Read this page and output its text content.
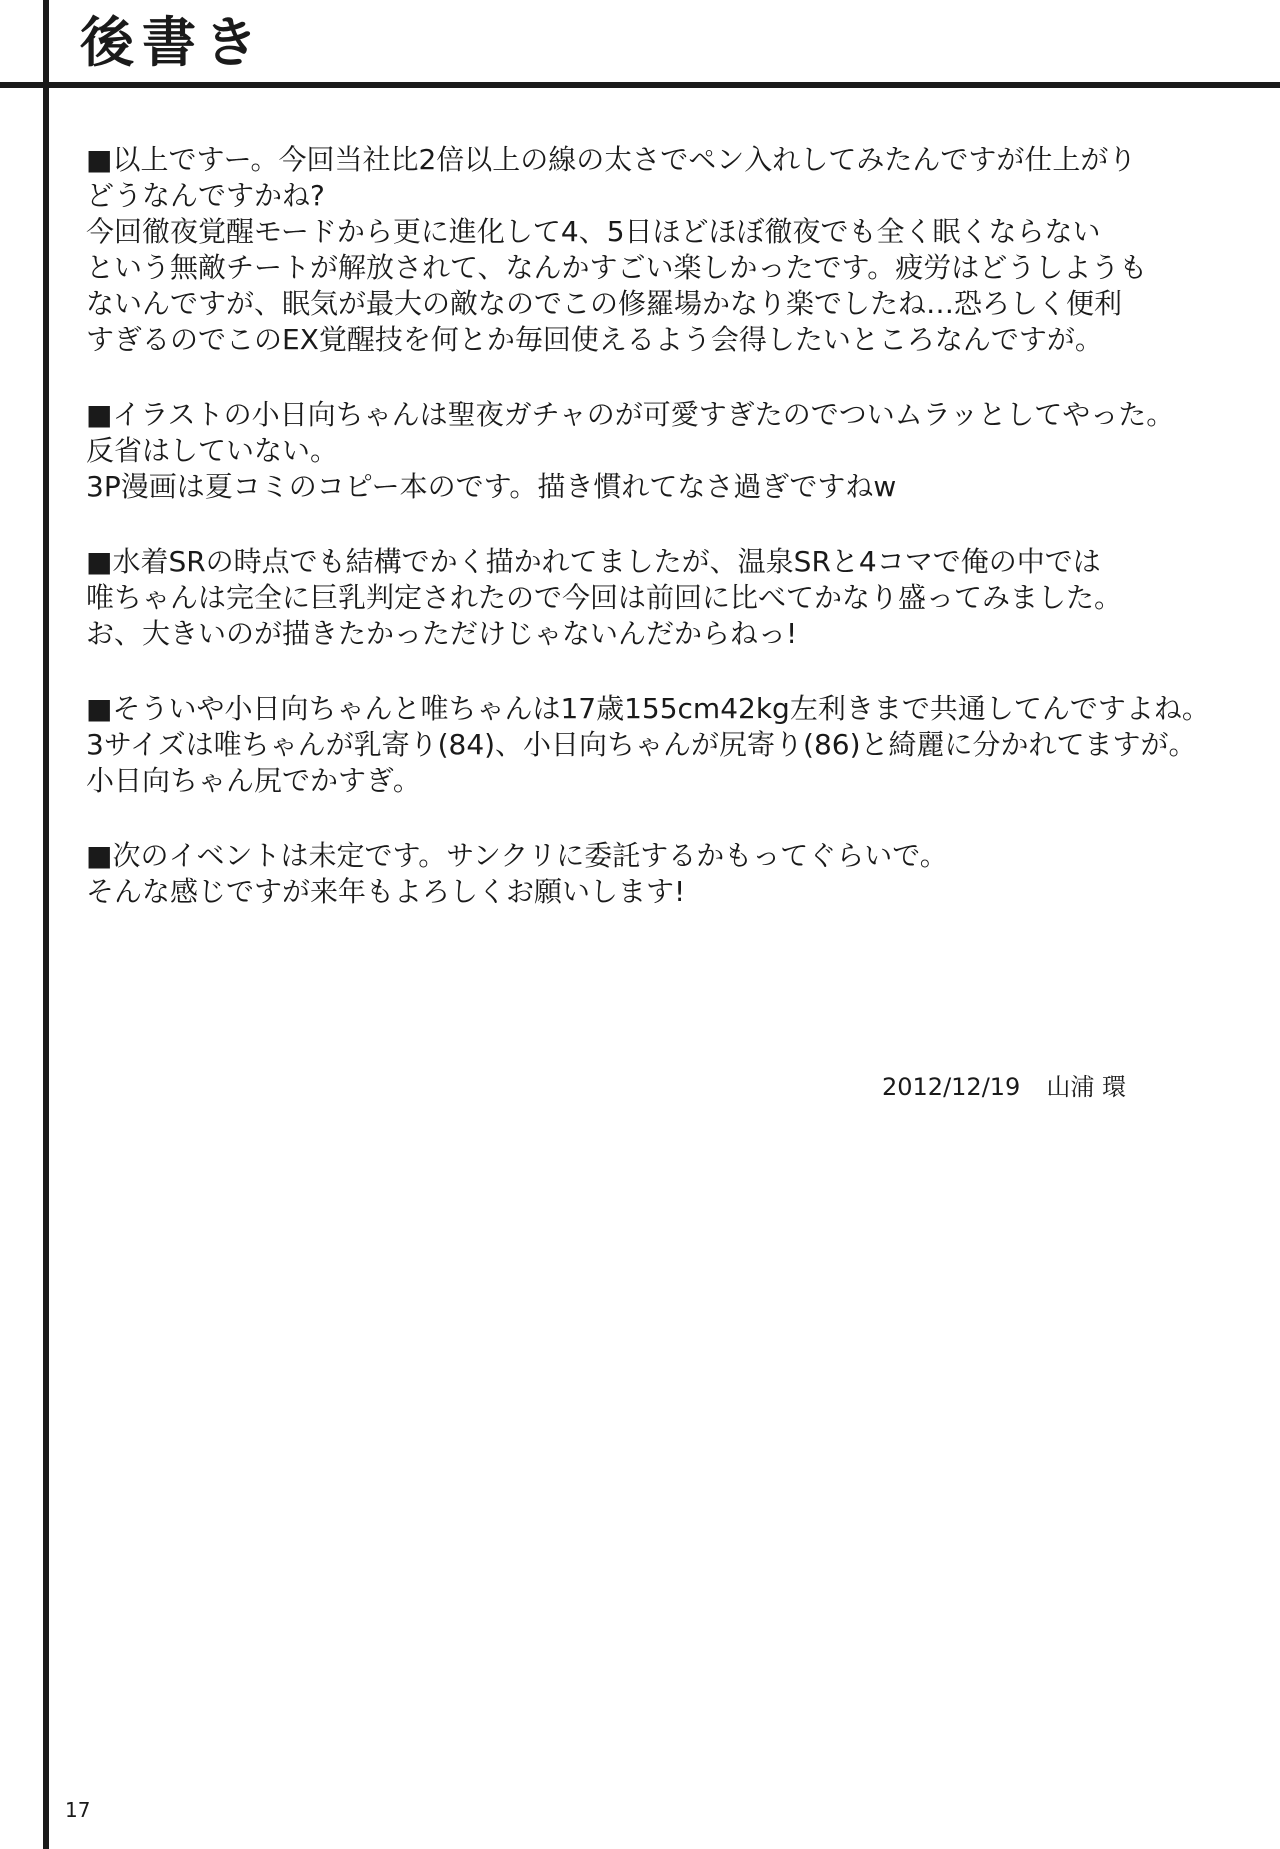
後書き
■以上ですー。今回当社比2倍以上の線の太さでペン入れしてみたんですが仕上がり
どうなんですかね?
今回徹夜覚醒モードから更に進化して4、5日ほどほぼ徹夜でも全く眠くならない
という無敵チートが解放されて、なんかすごい楽しかったです。疲労はどうしようも
ないんですが、眠気が最大の敵なのでこの修羅場かなり楽でしたね…恐ろしく便利
すぎるのでこのEX覚醒技を何とか毎回使えるよう会得したいところなんですが。
■イラストの小日向ちゃんは聖夜ガチャのが可愛すぎたのでついムラッとしてやった。
反省はしていない。
3P漫画は夏コミのコピー本のです。描き慣れてなさ過ぎですねw
■水着SRの時点でも結構でかく描かれてましたが、温泉SRと4コマで俺の中では
唯ちゃんは完全に巨乳判定されたので今回は前回に比べてかなり盛ってみました。
お、大きいのが描きたかっただけじゃないんだからねっ!
■そういや小日向ちゃんと唯ちゃんは17歳155cm42kg左利きまで共通してんですよね。
3サイズは唯ちゃんが乳寄り(84)、小日向ちゃんが尻寄り(86)と綺麗に分かれてますが。
小日向ちゃん尻でかすぎ。
■次のイベントは未定です。サンクリに委託するかもってぐらいで。
そんな感じですが来年もよろしくお願いします!
2012/12/19 山浦 環
17
